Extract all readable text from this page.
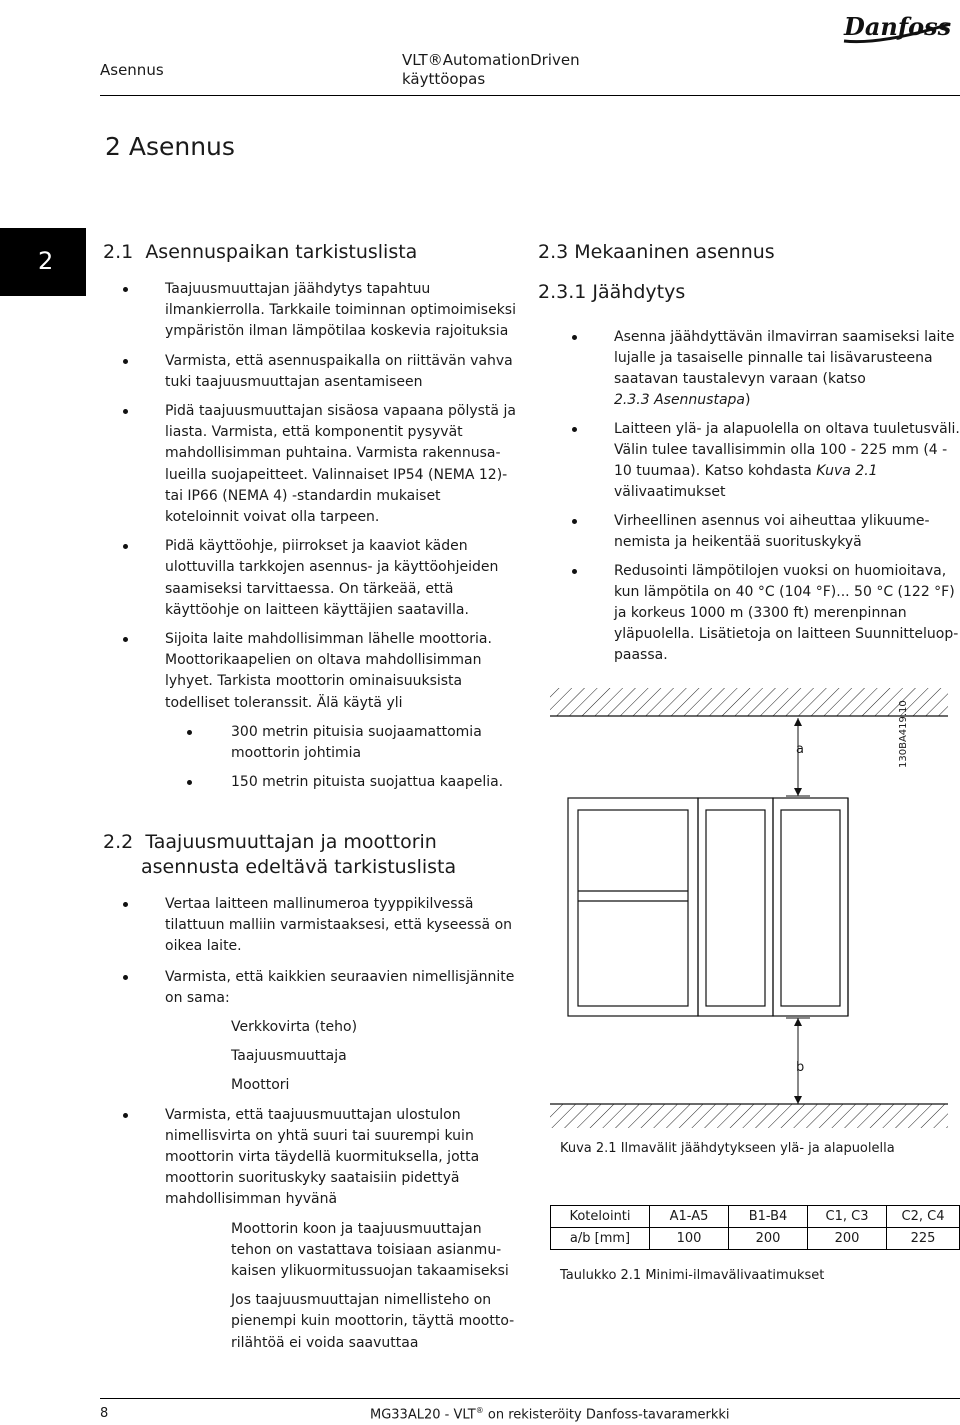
Asennus
VLT®AutomationDriven
käyttöopas
Danfoss
2 Asennus
2	2.1 Asennuspaikan tarkistuslista

Taajuusmuuttajan jäähdytys tapahtuu
ilmankierrolla. Tarkkaile toiminnan optimoimiseksi
ympäristön ilman lämpötilaa koskevia rajoituksia

Varmista, että asennuspaikalla on riittävän vahva
tuki taajuusmuuttajan asentamiseen

Pidä taajuusmuuttajan sisäosa vapaana pölystä ja
liasta. Varmista, että komponentit pysyvät
mahdollisimman puhtaina. Varmista rakennusa-
lueilla suojapeitteet. Valinnaiset IP54 (NEMA 12)-
tai IP66 (NEMA 4) -standardin mukaiset
koteloinnit voivat olla tarpeen.

Pidä käyttöohje, piirrokset ja kaaviot käden
ulottuvilla tarkkojen asennus- ja käyttöohjeiden
saamiseksi tarvittaessa. On tärkeää, että
käyttöohje on laitteen käyttäjien saatavilla.

Sijoita laite mahdollisimman lähelle moottoria.
Moottorikaapelien on oltava mahdollisimman
lyhyet. Tarkista moottorin ominaisuuksista
todelliset toleranssit. Älä käytä yli

300 metrin pituisia suojaamattomia
moottorin johtimia

150 metrin pituista suojattua kaapelia.

2.2 Taajuusmuuttajan ja moottorin
asennusta edeltävä tarkistuslista

Vertaa laitteen mallinumeroa tyyppikilvessä
tilattuun malliin varmistaaksesi, että kyseessä on
oikea laite.

Varmista, että kaikkien seuraavien nimellisjännite
on sama:

Verkkovirta (teho)

Taajuusmuuttaja

Moottori

Varmista, että taajuusmuuttajan ulostulon
nimellisvirta on yhtä suuri tai suurempi kuin
moottorin virta täydellä kuormituksella, jotta
moottorin suorituskyky saataisiin pidettyä
mahdollisimman hyvänä

Moottorin koon ja taajuusmuuttajan
tehon on vastattava toisiaan asianmu-
kaisen ylikuormitussuojan takaamiseksi

Jos taajuusmuuttajan nimellisteho on
pienempi kuin moottorin, täyttä mootto-
rilähtöä ei voida saavuttaa

2.3 Mekaaninen asennus
2.3.1 Jäähdytys

Asenna jäähdyttävän ilmavirran saamiseksi laite
lujalle ja tasaiselle pinnalle tai lisävarusteena
saatavan taustalevyn varaan (katso
2.3.3 Asennustapa)

Laitteen ylä- ja alapuolella on oltava tuuletusväli.
Välin tulee tavallisimmin olla 100 - 225 mm (4 -
10 tuumaa). Katso kohdasta Kuva 2.1
välivaatimukset

Virheellinen asennus voi aiheuttaa ylikuume-
nemista ja heikentää suorituskykyä

Redusointi lämpötilojen vuoksi on huomioitava,
kun lämpötila on 40 °C (104 °F)... 50 °C (122 °F)
ja korkeus 1000 m (3300 ft) merenpinnan
yläpuolella. Lisätietoja on laitteen Suunnitteluop-
paassa.

a
b
130BA419.10
Kuva 2.1 Ilmavälit jäähdytykseen ylä- ja alapuolella
Kotelointi	A1-A5	B1-B4	C1, C3	C2, C4
a/b [mm]	100	200	200	225
Taulukko 2.1 Minimi-ilmavälivaatimukset
8	MG33AL20 - VLT® on rekisteröity Danfoss-tavaramerkki
